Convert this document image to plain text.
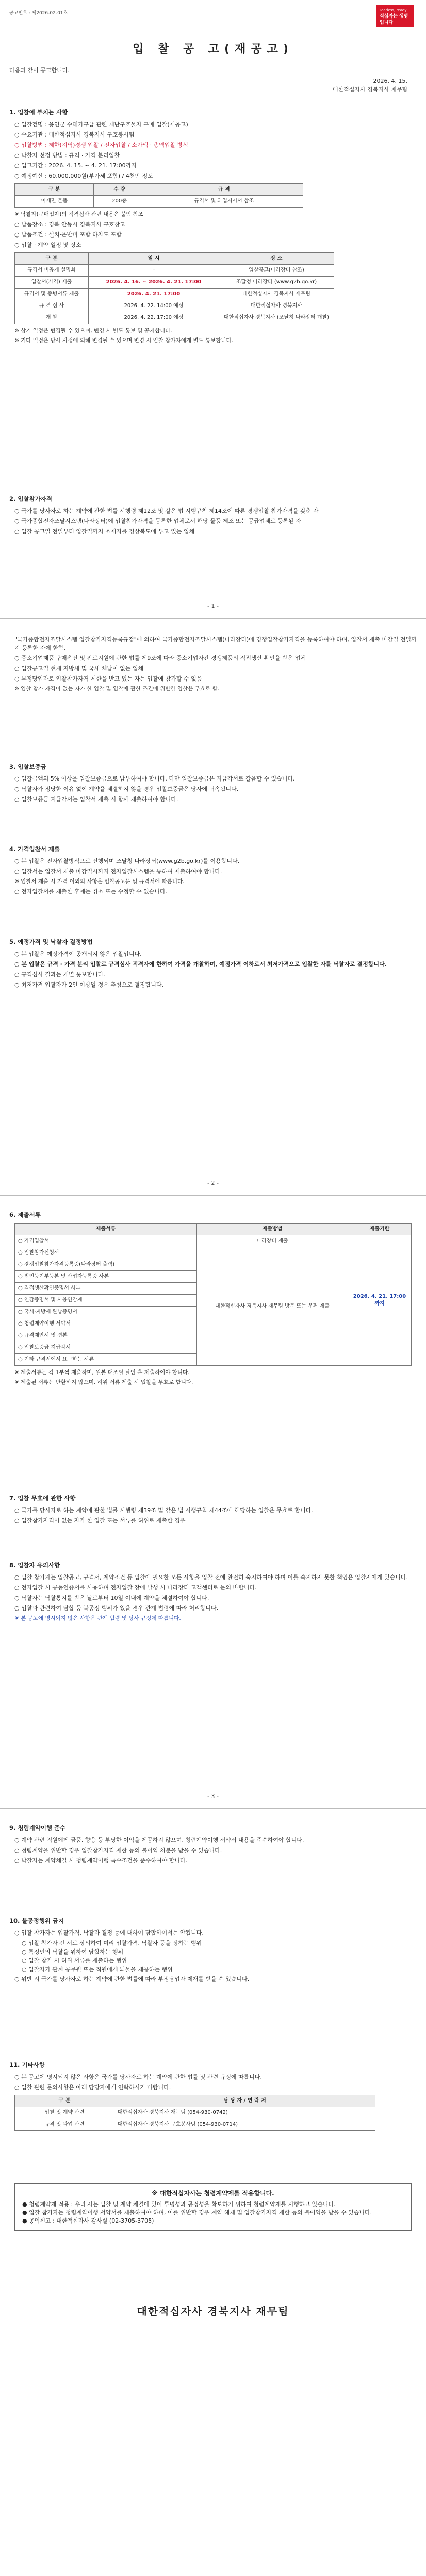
공고번호 : 제2026-02-01호
Tearless, ready
적십자는 생명입니다
입 찰 공 고(재공고)
다음과 같이 공고합니다.
2026. 4. 15.
대한적십자사 경북지사 재무팀
1. 입찰에 부치는 사항
○ 입찰건명 : 용인군 수해가구급 관련 재난구호물자 구매 입찰(재공고)
○ 수요기관 : 대한적십자사 경북지사 구호봉사팀
○ 입찰방법 : 제한(지역)경쟁 입찰 / 전자입찰 / 소가액 · 총액입찰 방식
○ 낙찰자 선정 방법 : 규격 · 가격 분리입찰
○ 입고기간 : 2026. 4. 15. ~ 4. 21. 17:00까지
○ 예정예산 : 60,000,000원(부가세 포함) / 4천만 정도
구 분	수 량	규 격
이재민 물품	200종	규격서 및 과업지시서 참조
※ 낙찰자(구매업자)의 적격심사 관련 내용은 붙임 참조
○ 납품장소 : 경북 안동시 경북지사 구호창고
○ 납품조건 : 설치·운반비 포함 하차도 포함
○ 입찰 · 계약 일정 및 장소
구 분	일 시	장 소
규격서 비공개 설명회	–	입찰공고(나라장터 참조)
입찰서(가격) 제출	2026. 4. 16. ~ 2026. 4. 21. 17:00	조달청 나라장터 (www.g2b.go.kr)
규격서 및 증빙서류 제출	2026. 4. 21. 17:00	대한적십자사 경북지사 재무팀
규 격 심 사	2026. 4. 22. 14:00 예정	대한적십자사 경북지사
개 찰	2026. 4. 22. 17:00 예정	대한적십자사 경북지사 (조달청 나라장터 개찰)
※ 상기 일정은 변경될 수 있으며, 변경 시 별도 통보 및 공지합니다.
※ 기타 일정은 당사 사정에 의해 변경될 수 있으며 변경 시 입찰 참가자에게 별도 통보합니다.
2. 입찰참가자격
○ 국가를 당사자로 하는 계약에 관한 법률 시행령 제12조 및 같은 법 시행규칙 제14조에 따른 경쟁입찰 참가자격을 갖춘 자
○ 국가종합전자조달시스템(나라장터)에 입찰참가자격을 등록한 업체로서 해당 물품 제조 또는 공급업체로 등록된 자
○ 입찰 공고일 전일부터 입찰일까지 소재지를 경상북도에 두고 있는 업체
- 1 -
"국가종합전자조달시스템 입찰참가자격등록규정"에 의하여 국가종합전자조달시스템(나라장터)에 경쟁입찰참가자격을 등록하여야 하며, 입찰서 제출 마감일 전일까지 등록한 자에 한함.
○ 중소기업제품 구매촉진 및 판로지원에 관한 법률 제9조에 따라 중소기업자간 경쟁제품의 직접생산 확인을 받은 업체
○ 입찰공고일 현재 지방세 및 국세 체납이 없는 업체
○ 부정당업자로 입찰참가자격 제한을 받고 있는 자는 입찰에 참가할 수 없음
※ 입찰 참가 자격이 없는 자가 한 입찰 및 입찰에 관한 조건에 위반한 입찰은 무효로 함.
3. 입찰보증금
○ 입찰금액의 5% 이상을 입찰보증금으로 납부하여야 합니다. 다만 입찰보증금은 지급각서로 갈음할 수 있습니다.
○ 낙찰자가 정당한 이유 없이 계약을 체결하지 않을 경우 입찰보증금은 당사에 귀속됩니다.
○ 입찰보증금 지급각서는 입찰서 제출 시 함께 제출하여야 합니다.
4. 가격입찰서 제출
○ 본 입찰은 전자입찰방식으로 진행되며 조달청 나라장터(www.g2b.go.kr)를 이용합니다.
○ 입찰서는 입찰서 제출 마감일시까지 전자입찰시스템을 통하여 제출하여야 합니다.
※ 입찰서 제출 시 가격 이외의 사항은 입찰공고문 및 규격서에 따릅니다.
○ 전자입찰서를 제출한 후에는 취소 또는 수정할 수 없습니다.
5. 예정가격 및 낙찰자 결정방법
○ 본 입찰은 예정가격이 공개되지 않은 입찰입니다.
○ 본 입찰은 규격 · 가격 분리 입찰로 규격심사 적격자에 한하여 가격을 개찰하며, 예정가격 이하로서 최저가격으로 입찰한 자를 낙찰자로 결정합니다.
○ 규격심사 결과는 개별 통보합니다.
○ 최저가격 입찰자가 2인 이상일 경우 추첨으로 결정합니다.
- 2 -
6. 제출서류
제출서류	제출방법	제출기한
○ 가격입찰서	나라장터 제출	2026. 4. 21. 17:00 까지
○ 입찰참가신청서	대한적십자사 경북지사 재무팀 방문 또는 우편 제출	
○ 경쟁입찰참가자격등록증(나라장터 출력)		
○ 법인등기부등본 및 사업자등록증 사본		
○ 직접생산확인증명서 사본		
○ 인감증명서 및 사용인감계		
○ 국세·지방세 완납증명서		
○ 청렴계약이행 서약서		
○ 규격제안서 및 견본		
○ 입찰보증금 지급각서		
○ 기타 규격서에서 요구하는 서류		
※ 제출서류는 각 1부씩 제출하며, 원본 대조필 날인 후 제출하여야 합니다.
※ 제출된 서류는 반환하지 않으며, 허위 서류 제출 시 입찰을 무효로 합니다.
7. 입찰 무효에 관한 사항
○ 국가를 당사자로 하는 계약에 관한 법률 시행령 제39조 및 같은 법 시행규칙 제44조에 해당하는 입찰은 무효로 합니다.
○ 입찰참가자격이 없는 자가 한 입찰 또는 서류를 허위로 제출한 경우
8. 입찰자 유의사항
○ 입찰 참가자는 입찰공고, 규격서, 계약조건 등 입찰에 필요한 모든 사항을 입찰 전에 완전히 숙지하여야 하며 이를 숙지하지 못한 책임은 입찰자에게 있습니다.
○ 전자입찰 시 공동인증서를 사용하며 전자입찰 장애 발생 시 나라장터 고객센터로 문의 바랍니다.
○ 낙찰자는 낙찰통지를 받은 날로부터 10일 이내에 계약을 체결하여야 합니다.
○ 입찰과 관련하여 담합 등 불공정 행위가 있을 경우 관계 법령에 따라 처리합니다.
※ 본 공고에 명시되지 않은 사항은 관계 법령 및 당사 규정에 따릅니다.
- 3 -
9. 청렴계약이행 준수
○ 계약 관련 직원에게 금품, 향응 등 부당한 이익을 제공하지 않으며, 청렴계약이행 서약서 내용을 준수하여야 합니다.
○ 청렴계약을 위반할 경우 입찰참가자격 제한 등의 불이익 처분을 받을 수 있습니다.
○ 낙찰자는 계약체결 시 청렴계약이행 특수조건을 준수하여야 합니다.
10. 불공정행위 금지
○ 입찰 참가자는 입찰가격, 낙찰자 결정 등에 대하여 담합하여서는 안됩니다.
○ 입찰 참가자 간 서로 상의하여 미리 입찰가격, 낙찰자 등을 정하는 행위
○ 특정인의 낙찰을 위하여 담합하는 행위
○ 입찰 참가 시 허위 서류를 제출하는 행위
○ 입찰자가 관계 공무원 또는 직원에게 뇌물을 제공하는 행위
○ 위반 시 국가를 당사자로 하는 계약에 관한 법률에 따라 부정당업자 제재를 받을 수 있습니다.
11. 기타사항
○ 본 공고에 명시되지 않은 사항은 국가를 당사자로 하는 계약에 관한 법률 및 관련 규정에 따릅니다.
○ 입찰 관련 문의사항은 아래 담당자에게 연락하시기 바랍니다.
구 분	담 당 자 / 연 락 처
입찰 및 계약 관련	대한적십자사 경북지사 재무팀 (054-930-0742)
규격 및 과업 관련	대한적십자사 경북지사 구호봉사팀 (054-930-0714)
※ 대한적십자사는 청렴계약제를 적용합니다.
● 청렴계약제 적용 : 우리 사는 입찰 및 계약 체결에 있어 투명성과 공정성을 확보하기 위하여 청렴계약제를 시행하고 있습니다.
● 입찰 참가자는 청렴계약이행 서약서를 제출하여야 하며, 이를 위반할 경우 계약 해제 및 입찰참가자격 제한 등의 불이익을 받을 수 있습니다.
● 공익신고 : 대한적십자사 감사실 (02-3705-3705)
대한적십자사 경북지사 재무팀
